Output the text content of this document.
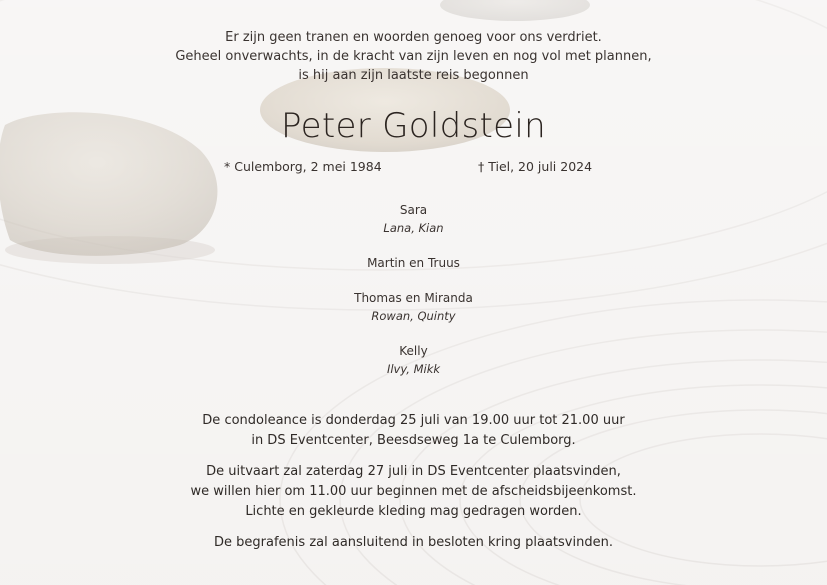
Er zijn geen tranen en woorden genoeg voor ons verdriet.
Geheel onverwachts, in de kracht van zijn leven en nog vol met plannen,
is hij aan zijn laatste reis begonnen
Peter Goldstein
* Culemborg, 2 mei 1984	† Tiel, 20 juli 2024
Sara
Lana, Kian
Martin en Truus
Thomas en Miranda
Rowan, Quinty
Kelly
Ilvy, Mikk
De condoleance is donderdag 25 juli van 19.00 uur tot 21.00 uur
in DS Eventcenter, Beesdseweg 1a te Culemborg.
De uitvaart zal zaterdag 27 juli in DS Eventcenter plaatsvinden,
we willen hier om 11.00 uur beginnen met de afscheidsbijeenkomst.
Lichte en gekleurde kleding mag gedragen worden.
De begrafenis zal aansluitend in besloten kring plaatsvinden.
